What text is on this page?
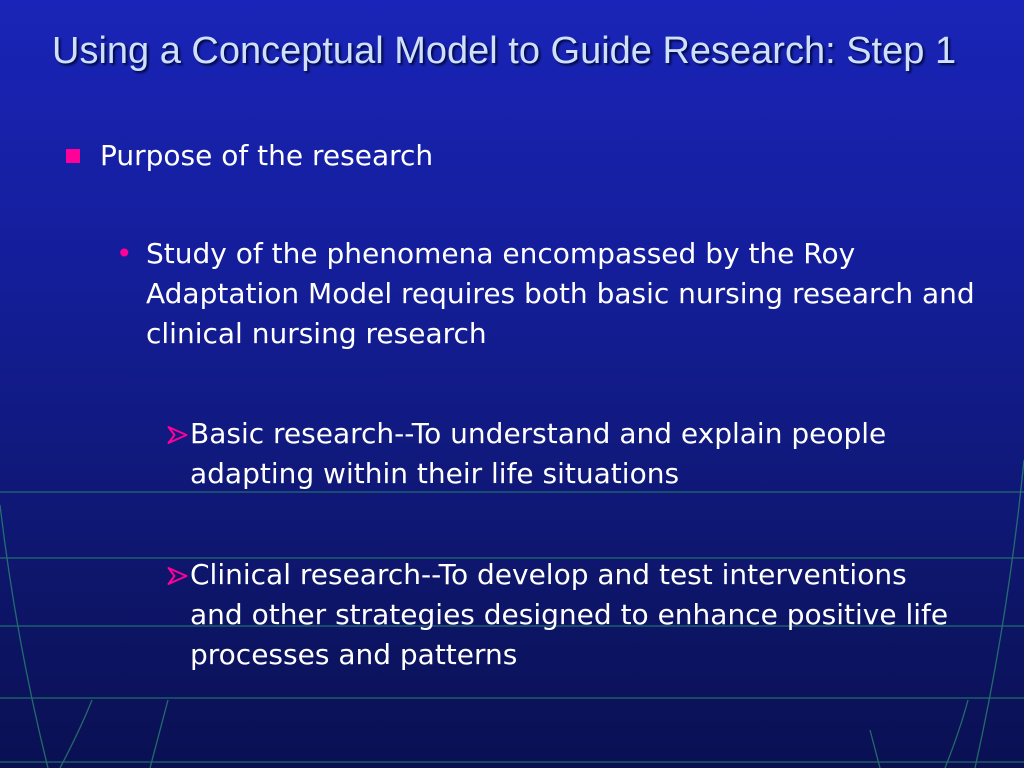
Using a Conceptual Model to Guide Research: Step 1
Purpose of the research
• Study of the phenomena encompassed by the Roy Adaptation Model requires both basic nursing research and clinical nursing research
Basic research--To understand and explain people adapting within their life situations
Clinical research--To develop and test interventions and other strategies designed to enhance positive life processes and patterns
